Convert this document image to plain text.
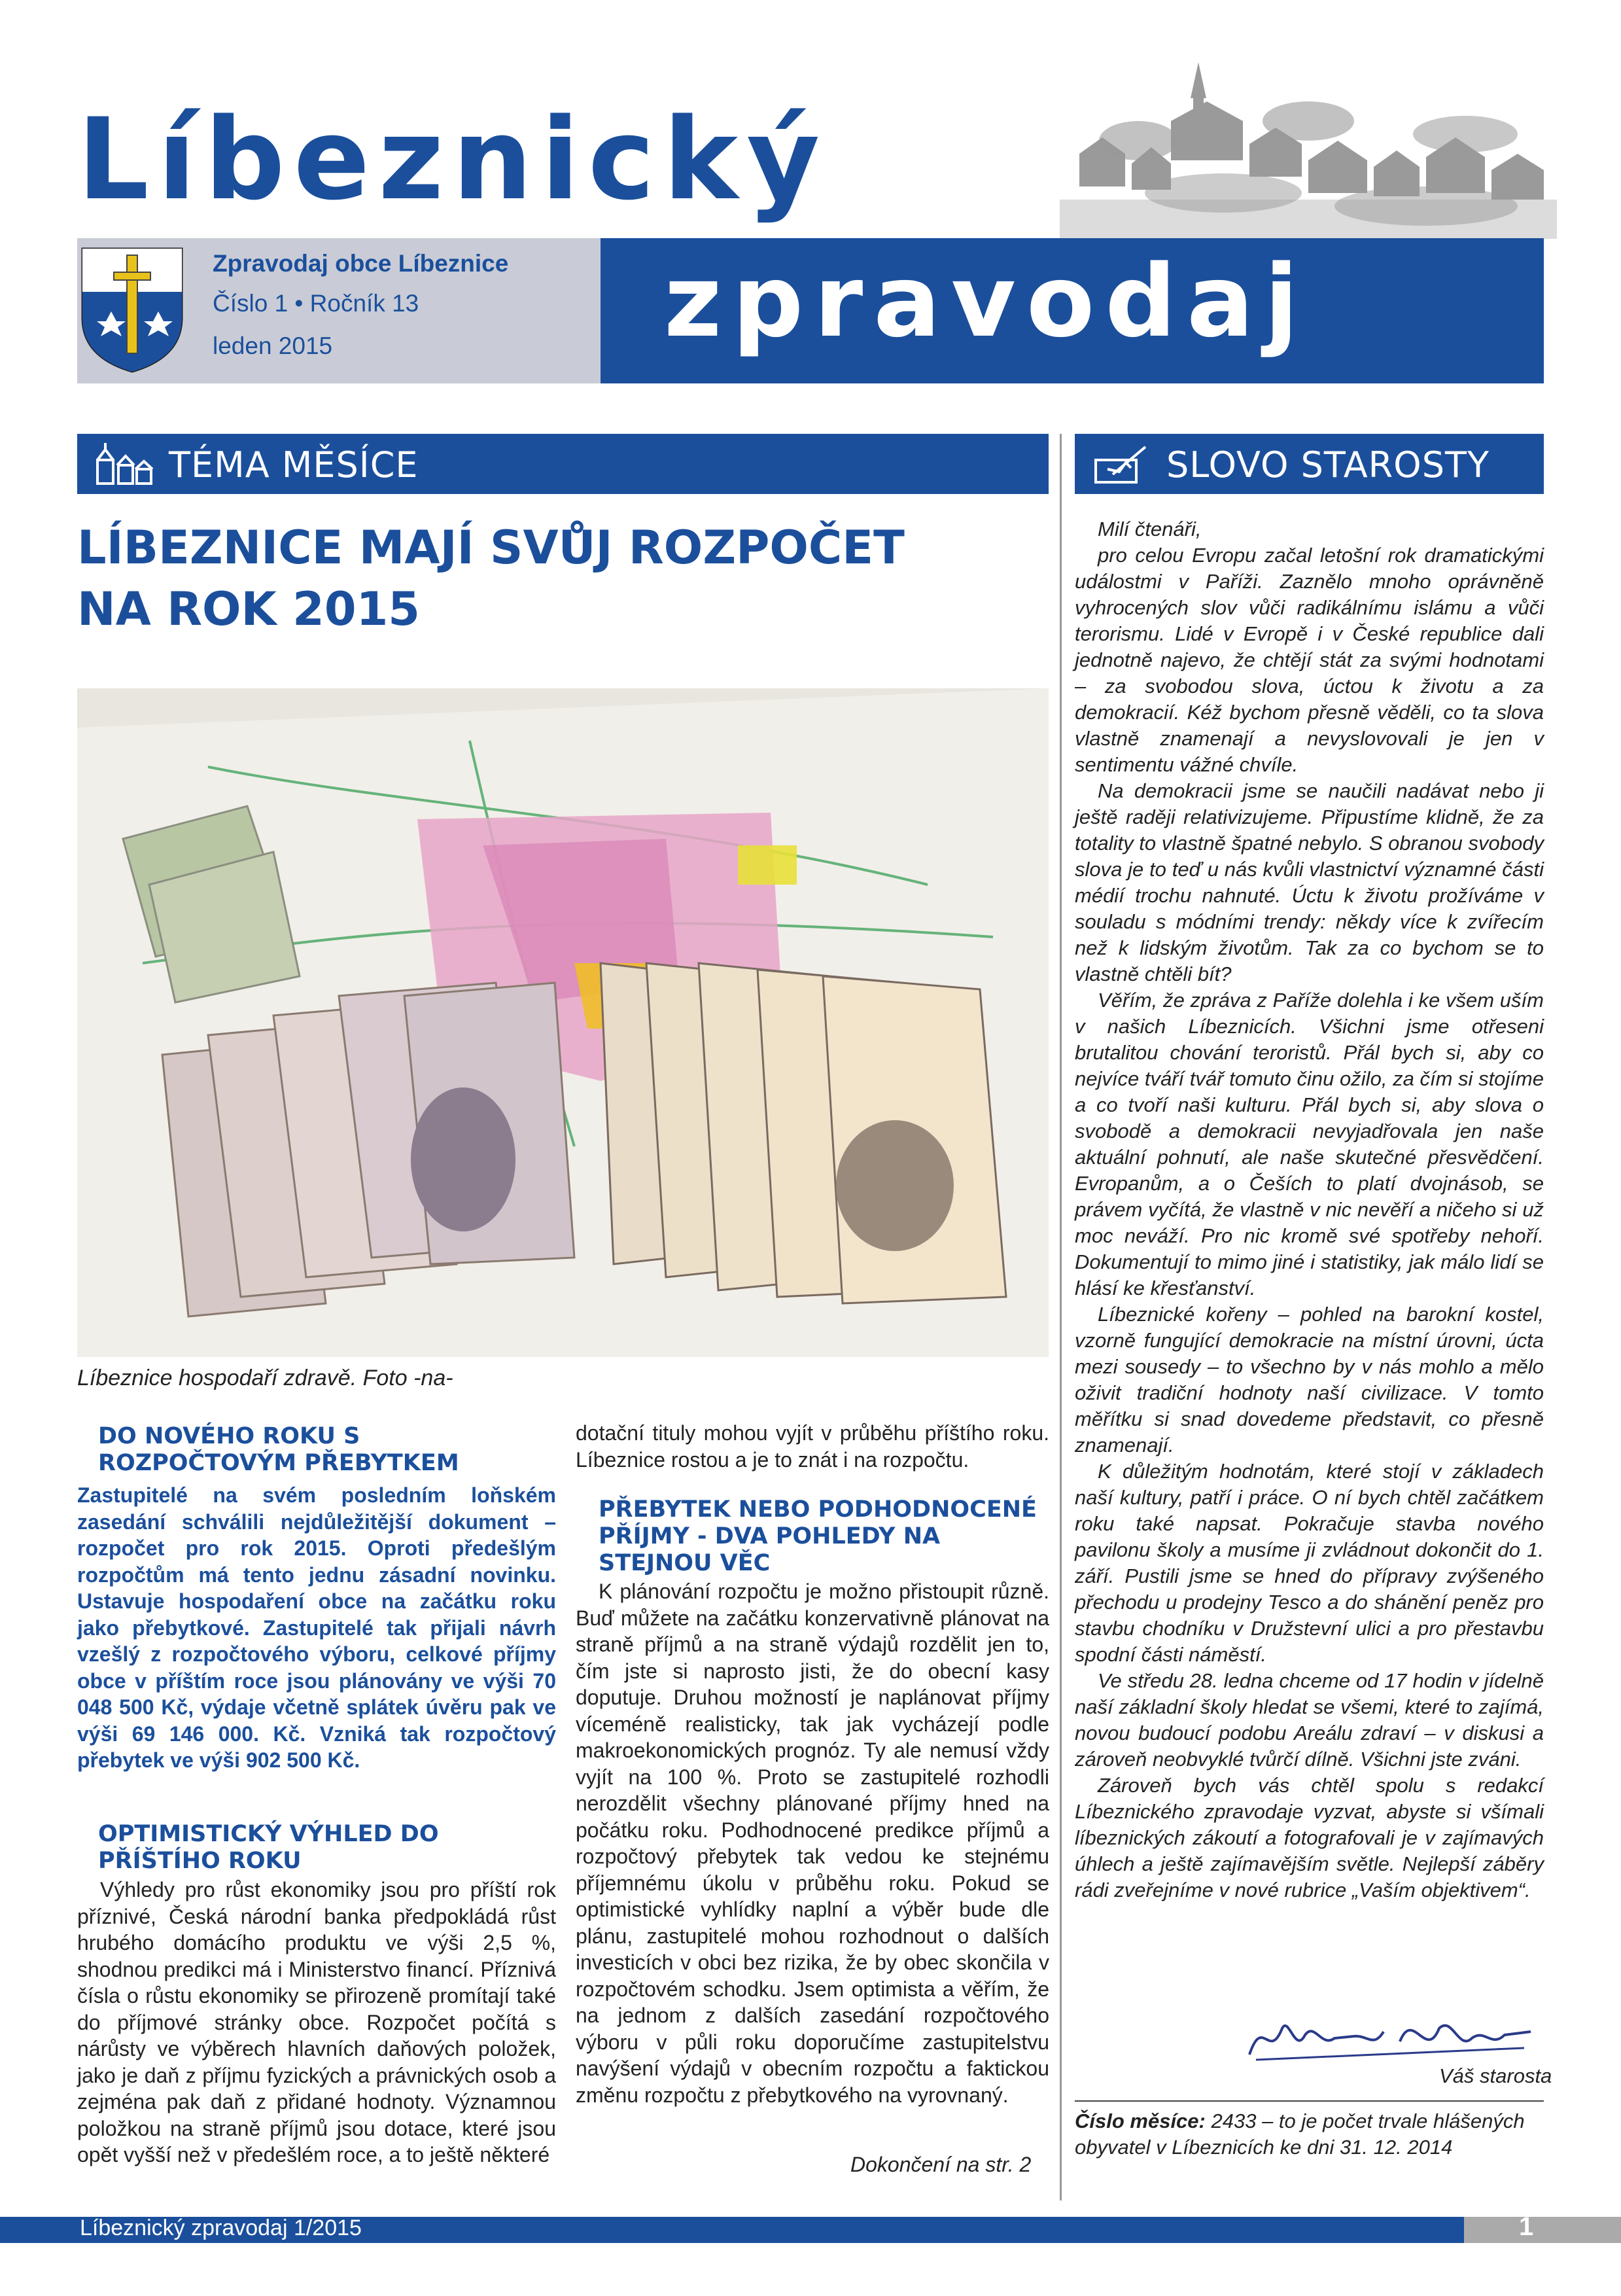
Líbeznický
zpravodaj
Zpravodaj obce Líbeznice
Číslo 1 • Ročník 13
leden 2015
TÉMA MĚSÍCE	SLOVO STAROSTY
LÍBEZNICE MAJÍ SVŮJ ROZPOČET NA ROK 2015
Líbeznice hospodaří zdravě. Foto -na-
DO NOVÉHO ROKU S ROZPOČTOVÝM PŘEBYTKEM
Zastupitelé na svém posledním loňském zasedání schválili nejdůležitější dokument – rozpočet pro rok 2015. Oproti předešlým rozpočtům má tento jednu zásadní novinku. Ustavuje hospodaření obce na začátku roku jako přebytkové. Zastupitelé tak přijali návrh vzešlý z rozpočtového výboru, celkové příjmy obce v příštím roce jsou plánovány ve výši 70 048 500 Kč, výdaje včetně splátek úvěru pak ve výši 69 146 000. Kč. Vzniká tak rozpočtový přebytek ve výši 902 500 Kč.
OPTIMISTICKÝ VÝHLED DO PŘÍŠTÍHO ROKU

Výhledy pro růst ekonomiky jsou pro příští rok příznivé, Česká národní banka předpokládá růst hrubého domácího produktu ve výši 2,5 %, shodnou predikci má i Ministerstvo financí. Příznivá čísla o růstu ekonomiky se přirozeně promítají také do příjmové stránky obce. Rozpočet počítá s nárůsty ve výběrech hlavních daňových položek, jako je daň z příjmu fyzických a právnických osob a zejména pak daň z přidané hodnoty. Významnou položkou na straně příjmů jsou dotace, které jsou opět vyšší než v předešlém roce, a to ještě některé

dotační tituly mohou vyjít v průběhu příštího roku. Líbeznice rostou a je to znát i na rozpočtu.
PŘEBYTEK NEBO PODHODNOCENÉ PŘÍJMY - DVA POHLEDY NA STEJNOU VĚC

K plánování rozpočtu je možno přistoupit různě. Buď můžete na začátku konzervativně plánovat na straně příjmů a na straně výdajů rozdělit jen to, čím jste si naprosto jisti, že do obecní kasy doputuje. Druhou možností je naplánovat příjmy víceméně realisticky, tak jak vycházejí podle makroekonomických prognóz. Ty ale nemusí vždy vyjít na 100 %. Proto se zastupitelé rozhodli nerozdělit všechny plánované příjmy hned na počátku roku. Podhodnocené predikce příjmů a rozpočtový přebytek tak vedou ke stejnému příjemnému úkolu v průběhu roku. Pokud se optimistické vyhlídky naplní a výběr bude dle plánu, zastupitelé mohou rozhodnout o dalších investicích v obci bez rizika, že by obec skončila v rozpočtovém schodku. Jsem optimista a věřím, že na jednom z dalších zasedání rozpočtového výboru v půli roku doporučíme zastupitelstvu navýšení výdajů v obecním rozpočtu a faktickou změnu rozpočtu z přebytkového na vyrovnaný.

Dokončení na str. 2

Milí čtenáři,

pro celou Evropu začal letošní rok dramatickými událostmi v Paříži. Zaznělo mnoho oprávněně vyhrocených slov vůči radikálnímu islámu a vůči terorismu. Lidé v Evropě i v České republice dali jednotně najevo, že chtějí stát za svými hodnotami – za svobodou slova, úctou k životu a za demokracií. Kéž bychom přesně věděli, co ta slova vlastně znamenají a nevyslovovali je jen v sentimentu vážné chvíle.

Na demokracii jsme se naučili nadávat nebo ji ještě raději relativizujeme. Připustíme klidně, že za totality to vlastně špatné nebylo. S obranou svobody slova je to teď u nás kvůli vlastnictví významné části médií trochu nahnuté. Úctu k životu prožíváme v souladu s módními trendy: někdy více k zvířecím než k lidským životům. Tak za co bychom se to vlastně chtěli bít?

Věřím, že zpráva z Paříže dolehla i ke všem uším v našich Líbeznicích. Všichni jsme otřeseni brutalitou chování teroristů. Přál bych si, aby co nejvíce tváří tvář tomuto činu ožilo, za čím si stojíme a co tvoří naši kulturu. Přál bych si, aby slova o svobodě a demokracii nevyjadřovala jen naše aktuální pohnutí, ale naše skutečné přesvědčení. Evropanům, a o Češích to platí dvojnásob, se právem vyčítá, že vlastně v nic nevěří a ničeho si už moc neváží. Pro nic kromě své spotřeby nehoří. Dokumentují to mimo jiné i statistiky, jak málo lidí se hlásí ke křesťanství.

Líbeznické kořeny – pohled na barokní kostel, vzorně fungující demokracie na místní úrovni, úcta mezi sousedy – to všechno by v nás mohlo a mělo oživit tradiční hodnoty naší civilizace. V tomto měřítku si snad dovedeme představit, co přesně znamenají.

K důležitým hodnotám, které stojí v základech naší kultury, patří i práce. O ní bych chtěl začátkem roku také napsat. Pokračuje stavba nového pavilonu školy a musíme ji zvládnout dokončit do 1. září. Pustili jsme se hned do přípravy zvýšeného přechodu u prodejny Tesco a do shánění peněz pro stavbu chodníku v Družstevní ulici a pro přestavbu spodní části náměstí.

Ve středu 28. ledna chceme od 17 hodin v jídelně naší základní školy hledat se všemi, které to zajímá, novou budoucí podobu Areálu zdraví – v diskusi a zároveň neobvyklé tvůrčí dílně. Všichni jste zváni.

Zároveň bych vás chtěl spolu s redakcí Líbeznického zpravodaje vyzvat, abyste si všímali líbeznických zákoutí a fotografovali je v zajímavých úhlech a ještě zajímavějším světle. Nejlepší záběry rádi zveřejníme v nové rubrice „Vaším objektivem“.

Váš starosta
Číslo měsíce: 2433 – to je počet trvale hlášených obyvatel v Líbeznicích ke dni 31. 12. 2014
Líbeznický zpravodaj 1/2015	1
